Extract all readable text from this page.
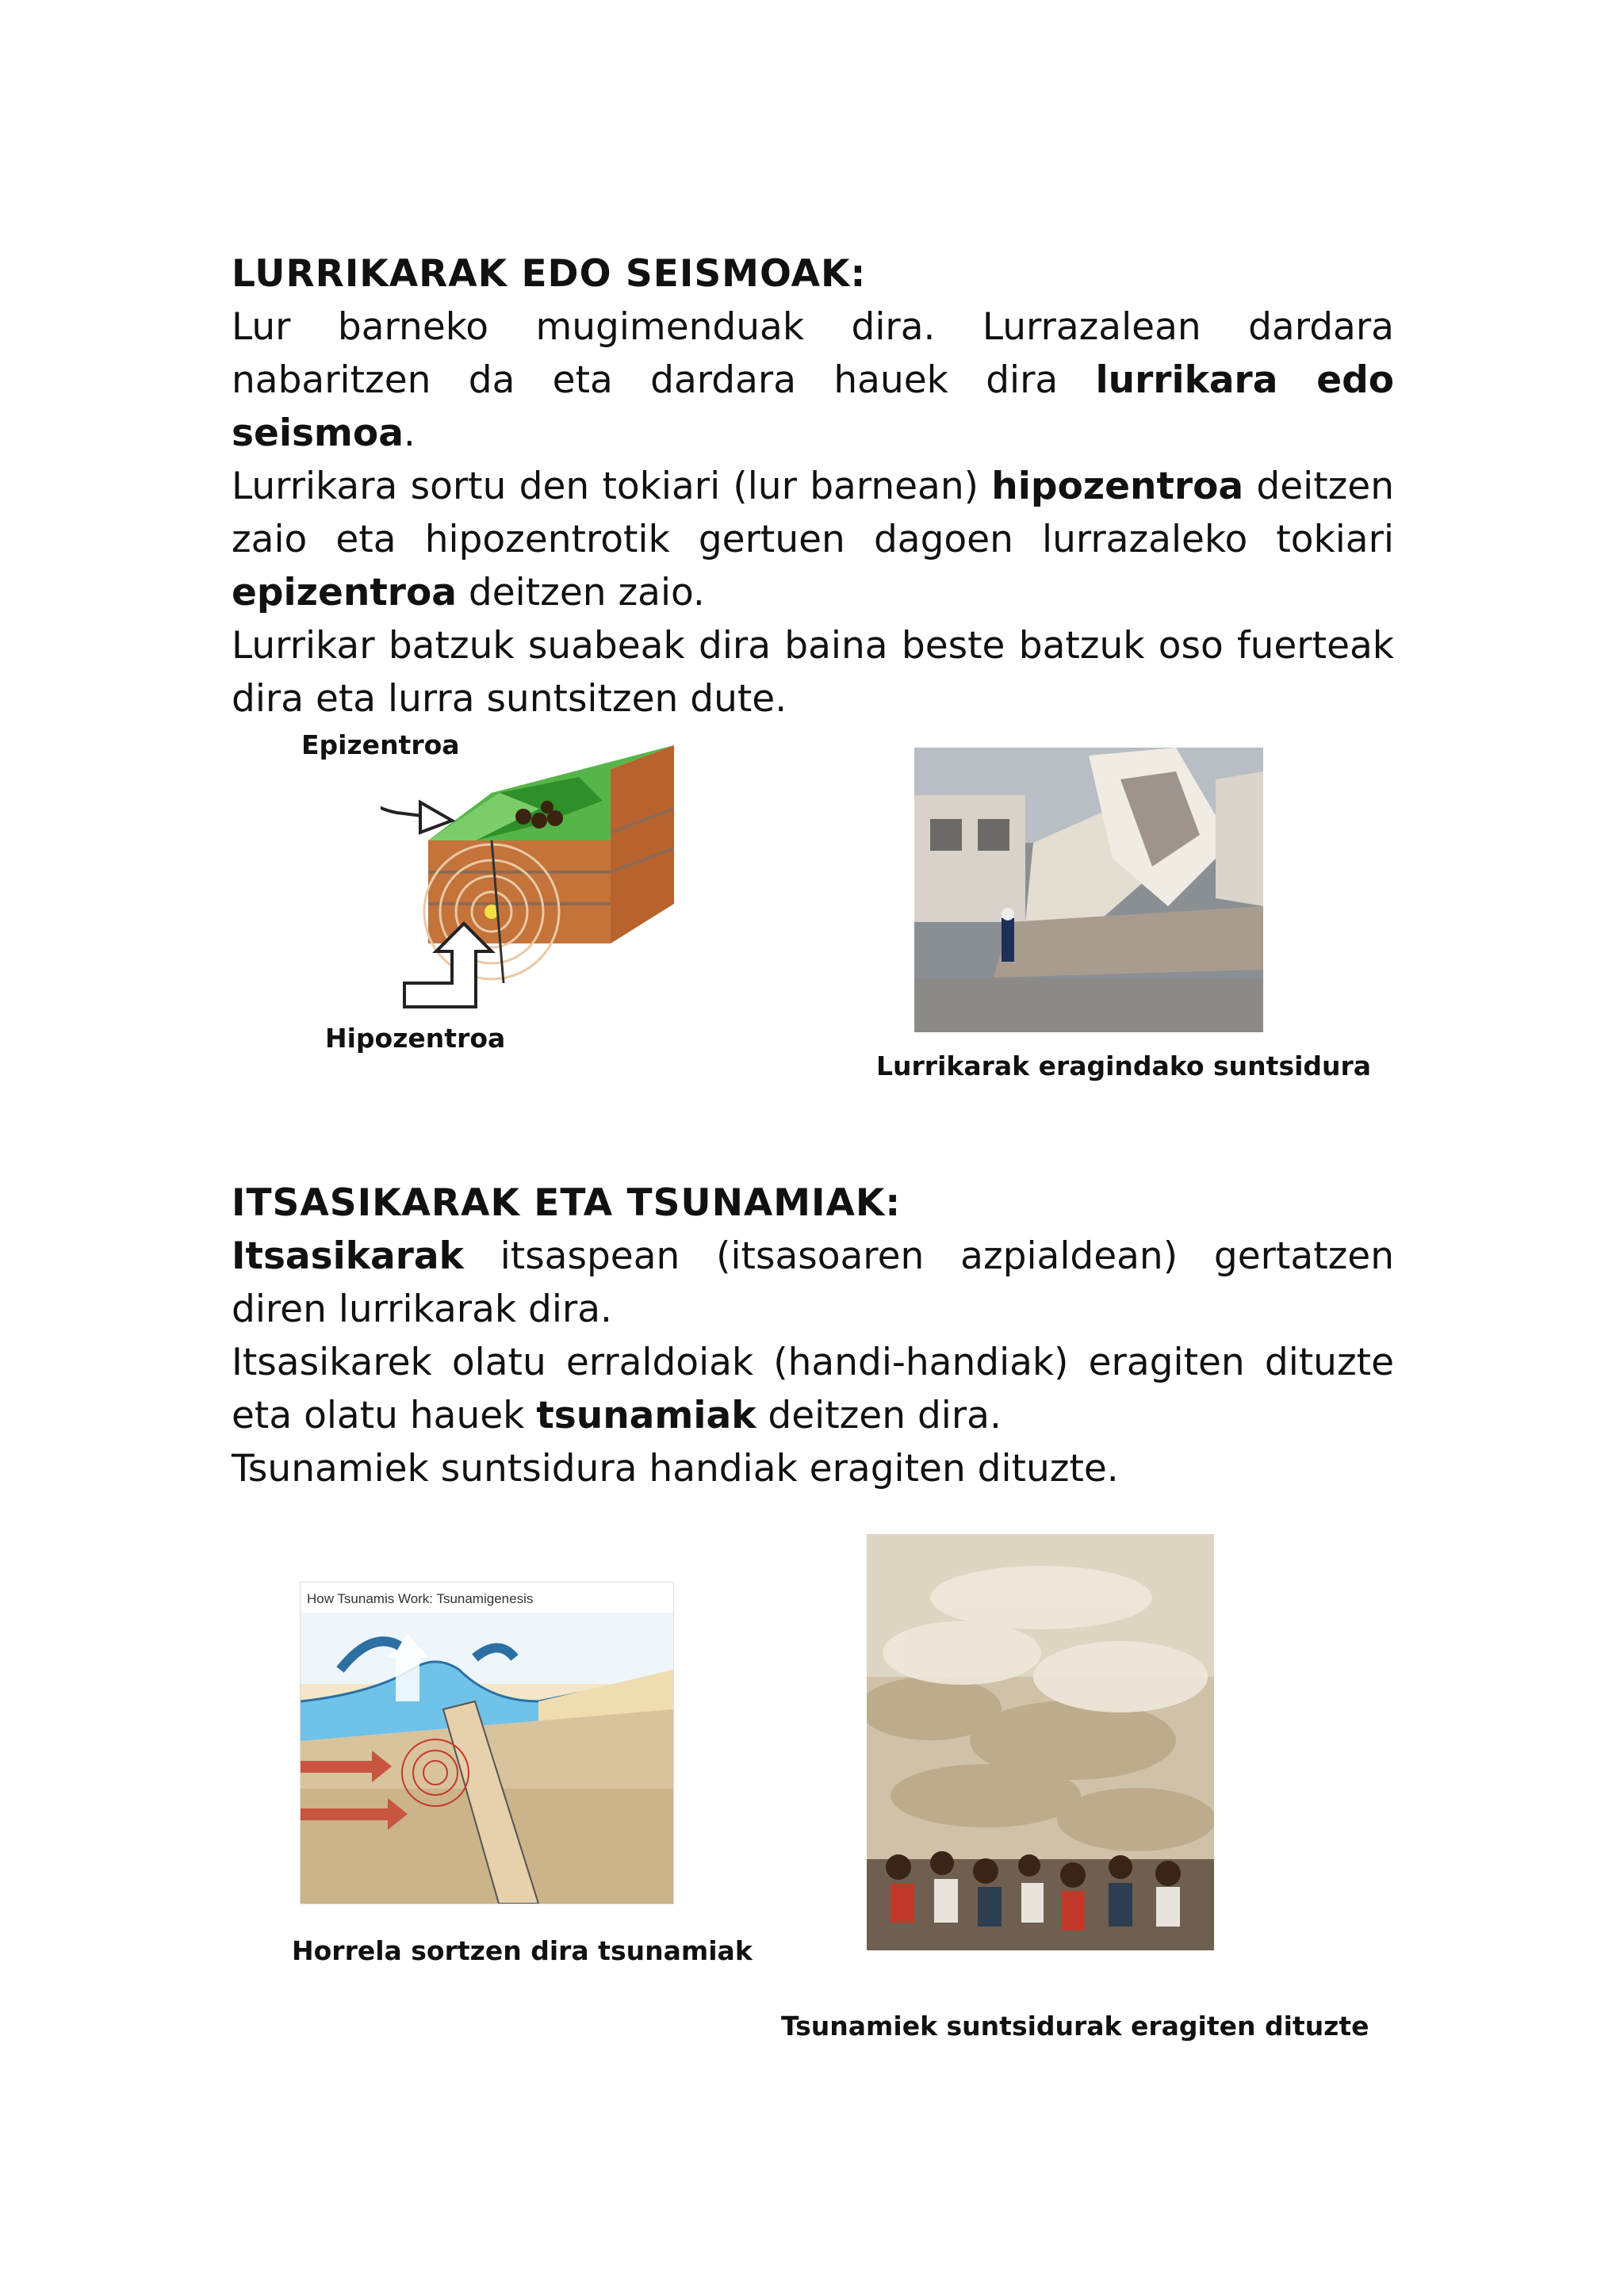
LURRIKARAK EDO SEISMOAK:

Lur barneko mugimenduak dira. Lurrazalean dardara nabaritzen da eta dardara hauek dira lurrikara edo seismoa.

Lurrikara sortu den tokiari (lur barnean) hipozentroa deitzen zaio eta hipozentrotik gertuen dagoen lurrazaleko tokiari epizentroa deitzen zaio.

Lurrikar batzuk suabeak dira baina beste batzuk oso fuerteak dira eta lurra suntsitzen dute.

Epizentroa
Hipozentroa
Lurrikarak eragindako suntsidura
ITSASIKARAK ETA TSUNAMIAK:

Itsasikarak itsaspean (itsasoaren azpialdean) gertatzen diren lurrikarak dira.

Itsasikarek olatu erraldoiak (handi-handiak) eragiten dituzte eta olatu hauek tsunamiak deitzen dira.

Tsunamiek suntsidura handiak eragiten dituzte.

How Tsunamis Work: Tsunamigenesis
Horrela sortzen dira tsunamiak
Tsunamiek suntsidurak eragiten dituzte
